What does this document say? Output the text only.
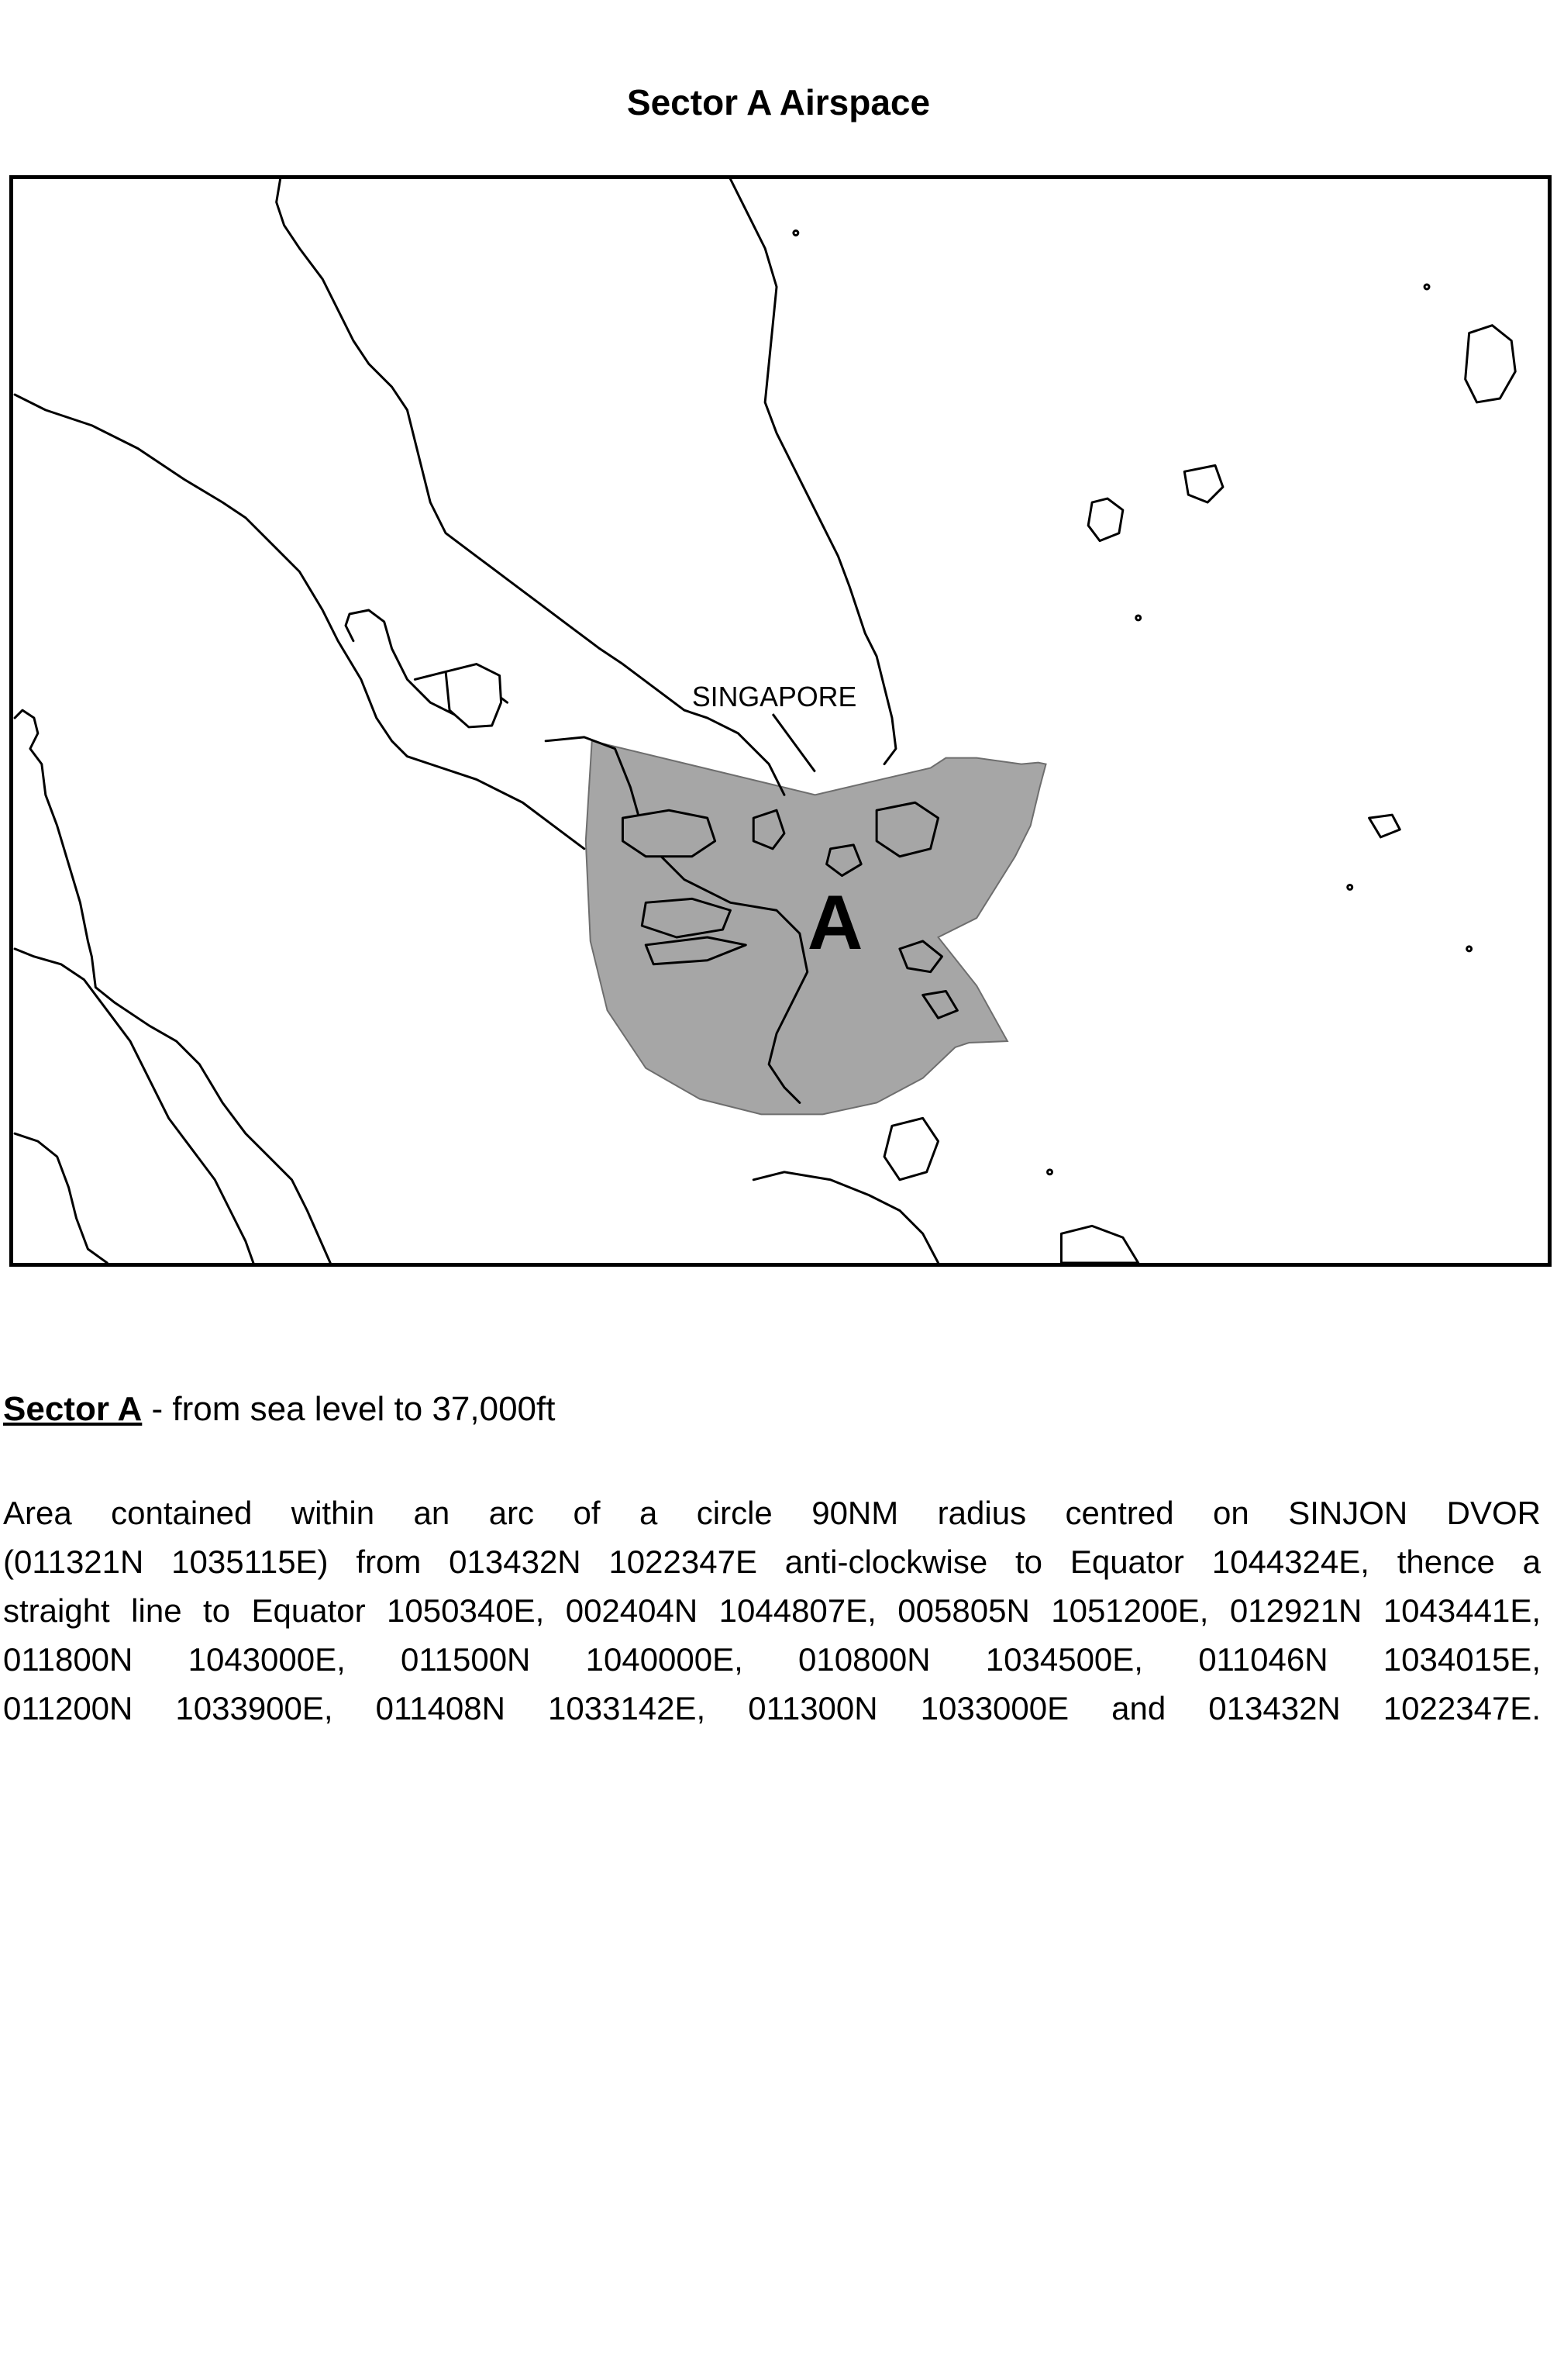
Sector A Airspace
SINGAPORE
A
Sector A - from sea level to 37,000ft
Area contained within an arc of a circle 90NM radius centred on SINJON DVOR
(011321N 1035115E) from 013432N 1022347E anti-clockwise to Equator 1044324E, thence a
straight line to Equator 1050340E, 002404N 1044807E, 005805N 1051200E, 012921N 1043441E,
011800N 1043000E, 011500N 1040000E, 010800N 1034500E, 011046N 1034015E,
011200N 1033900E, 011408N 1033142E, 011300N 1033000E and 013432N 1022347E.
